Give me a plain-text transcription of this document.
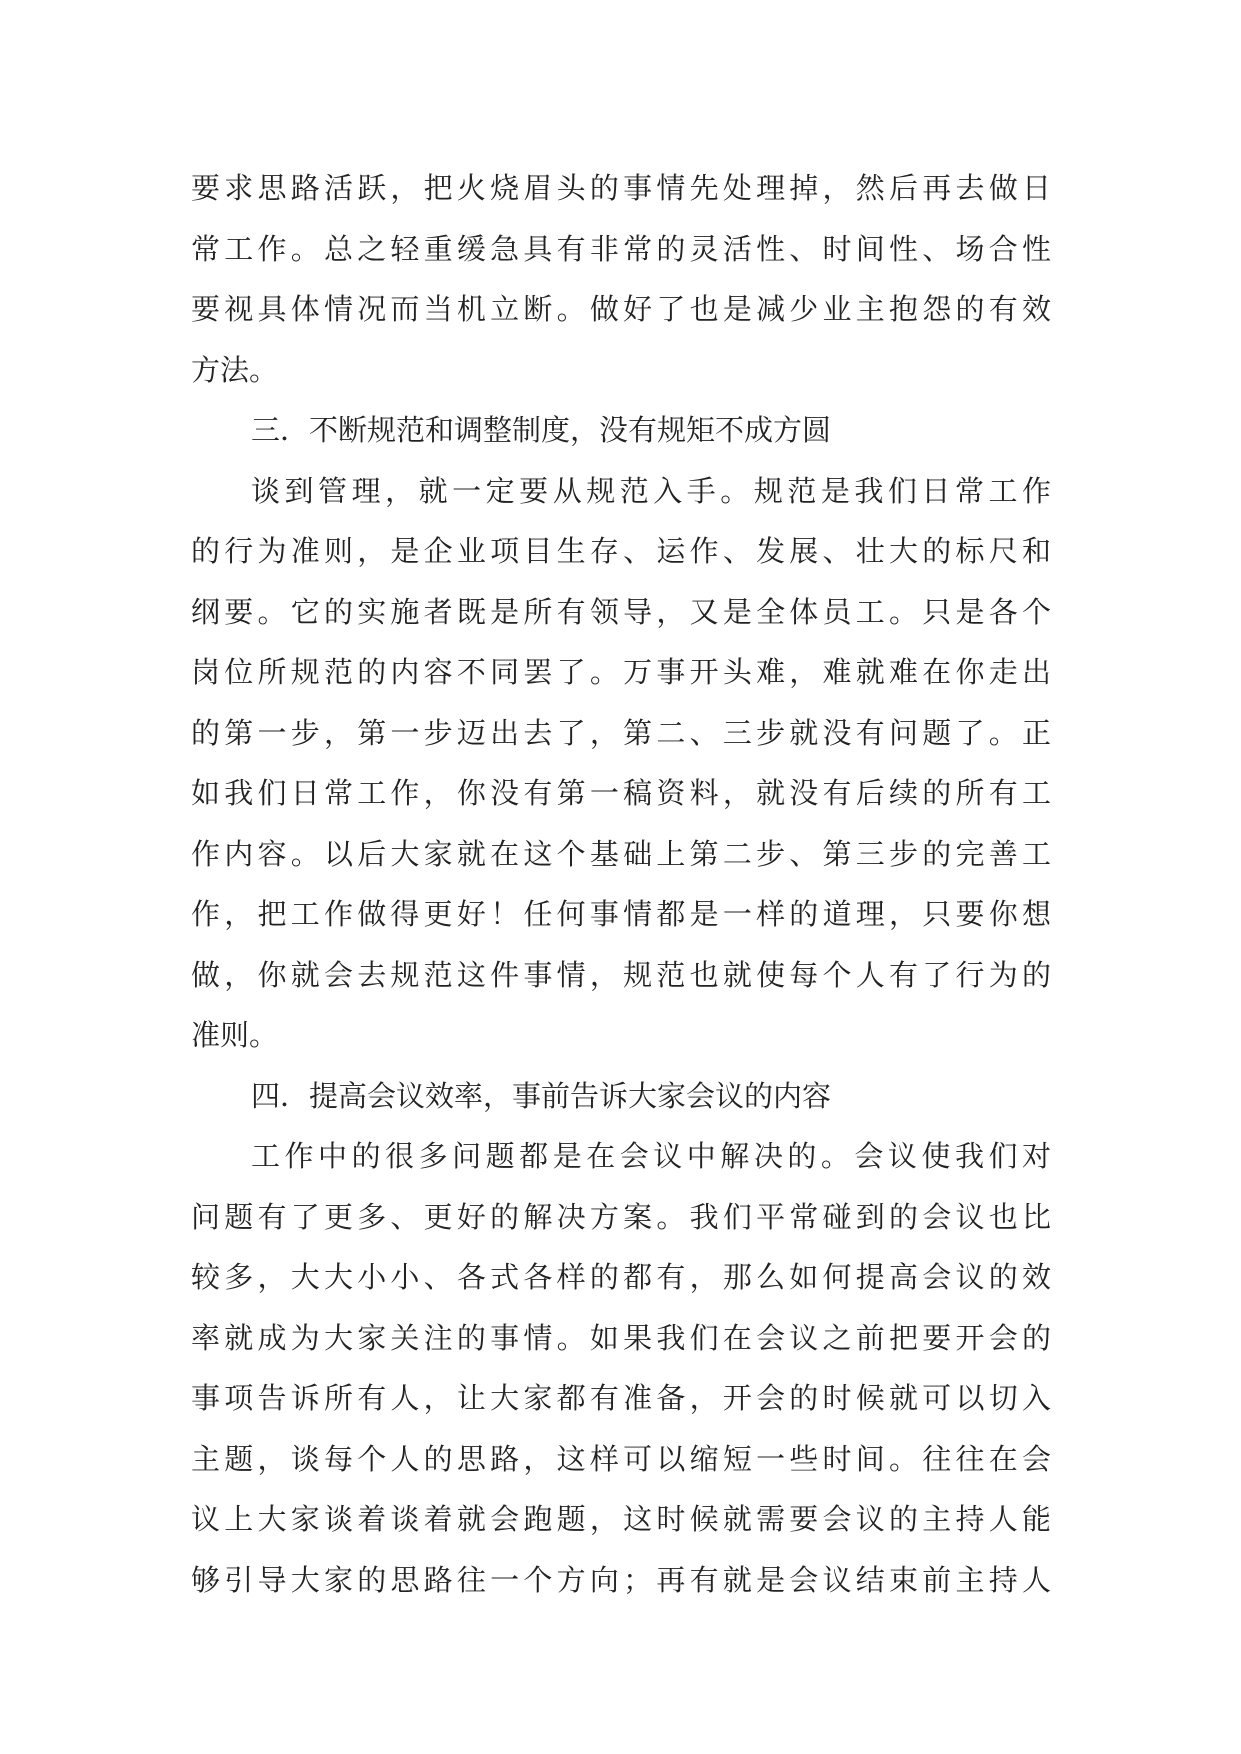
要求思路活跃，把火烧眉头的事情先处理掉，然后再去做日
常工作。总之轻重缓急具有非常的灵活性、时间性、场合性
要视具体情况而当机立断。做好了也是减少业主抱怨的有效
方法。
三．不断规范和调整制度，没有规矩不成方圆
谈到管理，就一定要从规范入手。规范是我们日常工作
的行为准则，是企业项目生存、运作、发展、壮大的标尺和
纲要。它的实施者既是所有领导，又是全体员工。只是各个
岗位所规范的内容不同罢了。万事开头难，难就难在你走出
的第一步，第一步迈出去了，第二、三步就没有问题了。正
如我们日常工作，你没有第一稿资料，就没有后续的所有工
作内容。以后大家就在这个基础上第二步、第三步的完善工
作，把工作做得更好！任何事情都是一样的道理，只要你想
做，你就会去规范这件事情，规范也就使每个人有了行为的
准则。
四．提高会议效率，事前告诉大家会议的内容
工作中的很多问题都是在会议中解决的。会议使我们对
问题有了更多、更好的解决方案。我们平常碰到的会议也比
较多，大大小小、各式各样的都有，那么如何提高会议的效
率就成为大家关注的事情。如果我们在会议之前把要开会的
事项告诉所有人，让大家都有准备，开会的时候就可以切入
主题，谈每个人的思路，这样可以缩短一些时间。往往在会
议上大家谈着谈着就会跑题，这时候就需要会议的主持人能
够引导大家的思路往一个方向；再有就是会议结束前主持人
